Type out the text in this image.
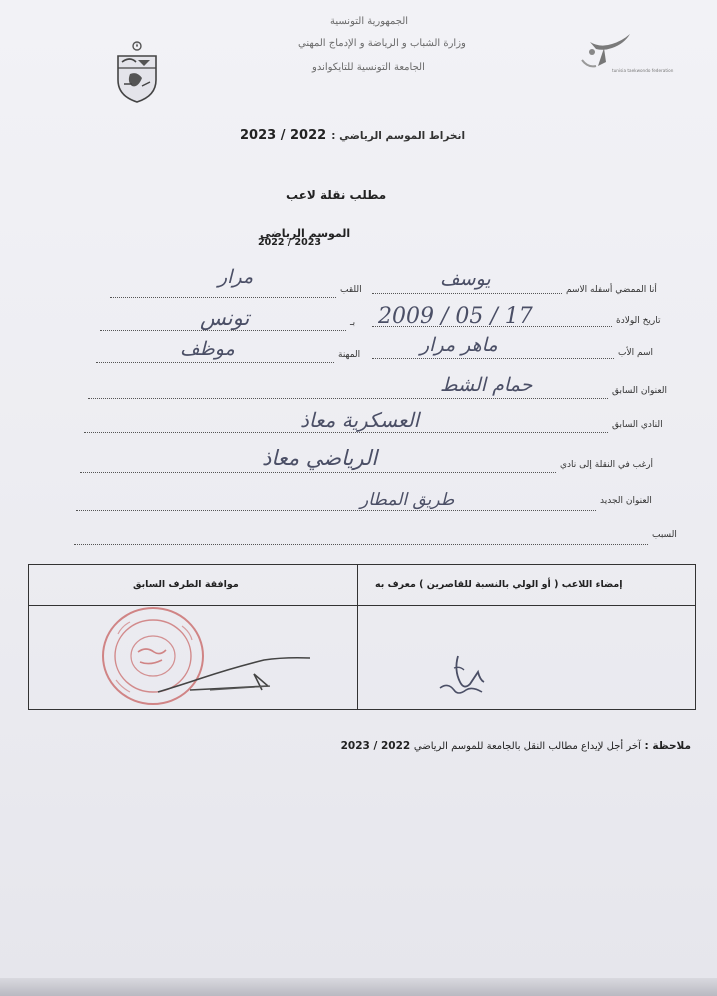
الجمهورية التونسية
وزارة الشباب و الرياضة و الإدماج المهني
الجامعة التونسية للتايكواندو	tunisia taekwondo federation
انخراط الموسم الرياضي : 2022 / 2023
مطلب نقلة لاعب
الموسم الرياضي
2022 / 2023
أنا الممضي أسفله الاسم
يوسف
اللقب
مرار
تاريخ الولادة
2009 / 05 / 17
بـ
تونس
اسم الأب
ماهر مرار
المهنة
موظف
العنوان السابق
حمام الشط
النادي السابق
العسكرية معاذ
أرغب في النقلة إلى نادي
الرياضي معاذ
العنوان الجديد
طريق المطار
السبب
إمضاء اللاعب ( أو الولي بالنسبة للقاصرين ) معرف به
موافقة الطرف السابق
ملاحظة : آخر أجل لإيداع مطالب النقل بالجامعة للموسم الرياضي 2022 / 2023
